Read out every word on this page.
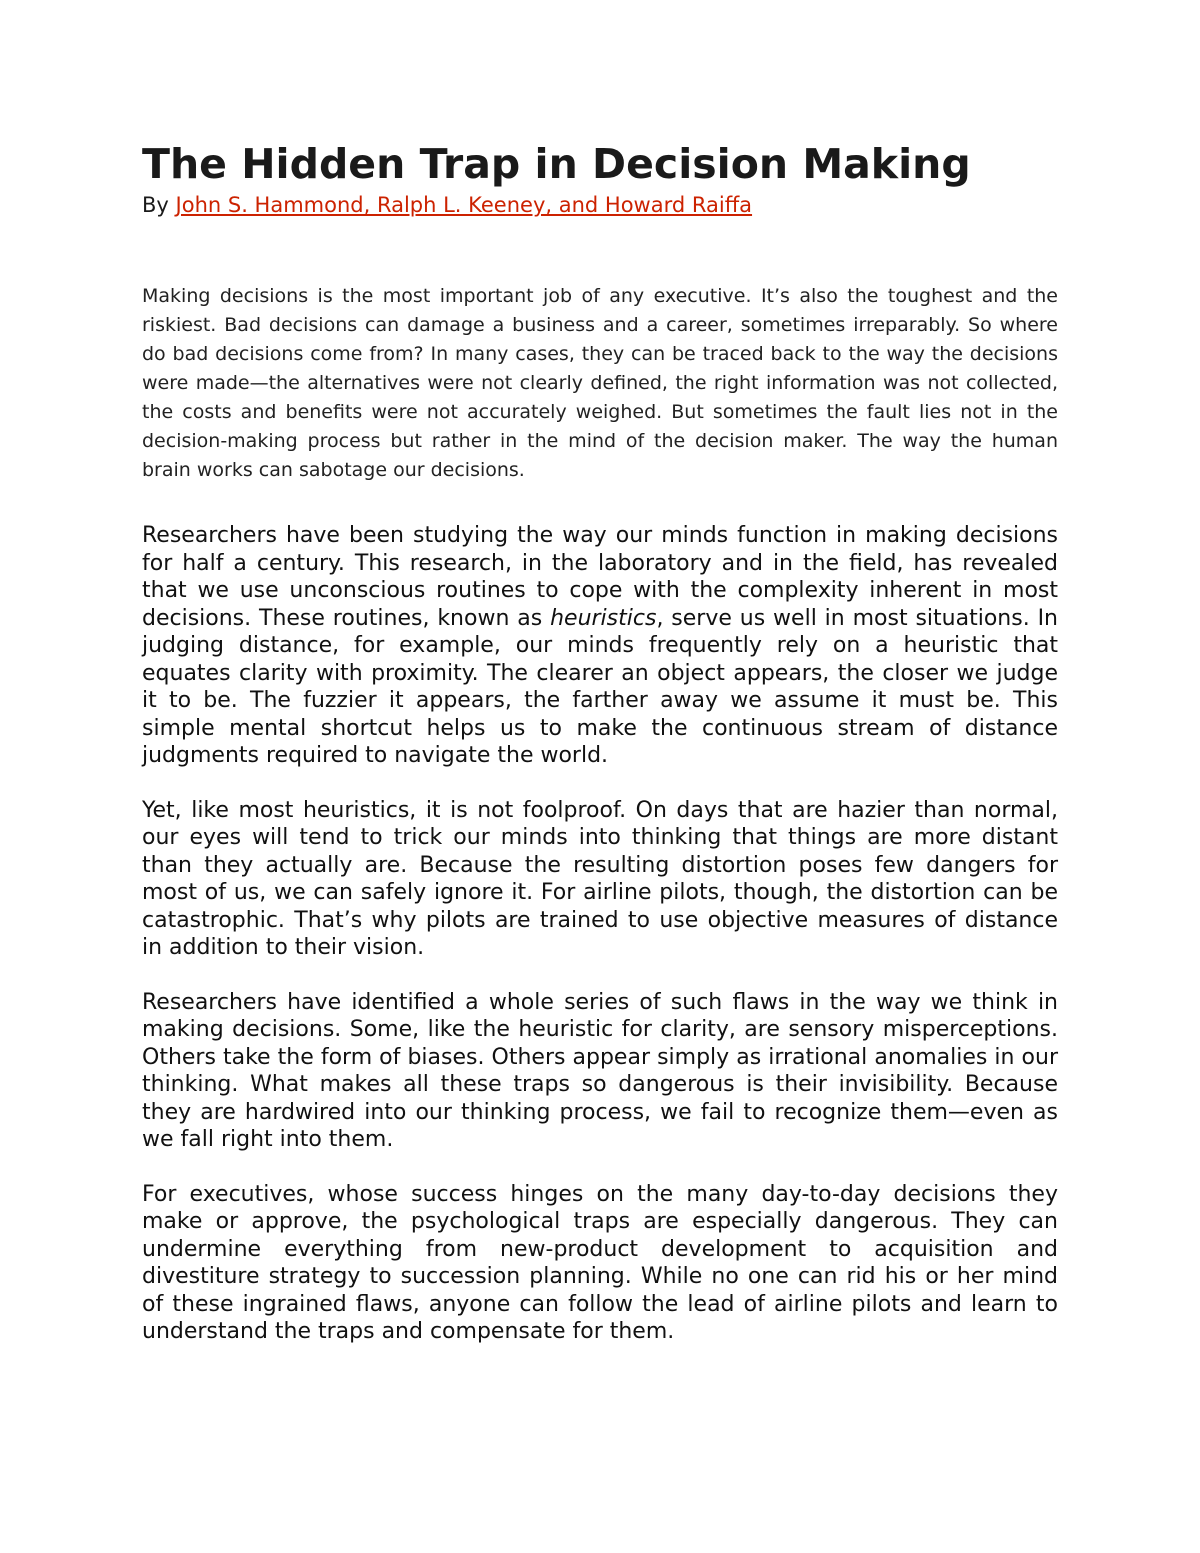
The Hidden Trap in Decision Making

By John S. Hammond, Ralph L. Keeney, and Howard Raiffa

Making decisions is the most important job of any executive. It’s also the toughest and the riskiest. Bad decisions can damage a business and a career, sometimes irreparably. So where do bad decisions come from? In many cases, they can be traced back to the way the decisions were made—the alternatives were not clearly defined, the right information was not collected, the costs and benefits were not accurately weighed. But sometimes the fault lies not in the decision-making process but rather in the mind of the decision maker. The way the human brain works can sabotage our decisions.

Researchers have been studying the way our minds function in making decisions for half a century. This research, in the laboratory and in the field, has revealed that we use unconscious routines to cope with the complexity inherent in most decisions. These routines, known as heuristics, serve us well in most situations. In judging distance, for example, our minds frequently rely on a heuristic that equates clarity with proximity. The clearer an object appears, the closer we judge it to be. The fuzzier it appears, the farther away we assume it must be. This simple mental shortcut helps us to make the continuous stream of distance judgments required to navigate the world.

Yet, like most heuristics, it is not foolproof. On days that are hazier than normal, our eyes will tend to trick our minds into thinking that things are more distant than they actually are. Because the resulting distortion poses few dangers for most of us, we can safely ignore it. For airline pilots, though, the distortion can be catastrophic. That’s why pilots are trained to use objective measures of distance in addition to their vision.

Researchers have identified a whole series of such flaws in the way we think in making decisions. Some, like the heuristic for clarity, are sensory misperceptions. Others take the form of biases. Others appear simply as irrational anomalies in our thinking. What makes all these traps so dangerous is their invisibility. Because they are hardwired into our thinking process, we fail to recognize them—even as we fall right into them.

For executives, whose success hinges on the many day-to-day decisions they make or approve, the psychological traps are especially dangerous. They can undermine everything from new-product development to acquisition and divestiture strategy to succession planning. While no one can rid his or her mind of these ingrained flaws, anyone can follow the lead of airline pilots and learn to understand the traps and compensate for them.
